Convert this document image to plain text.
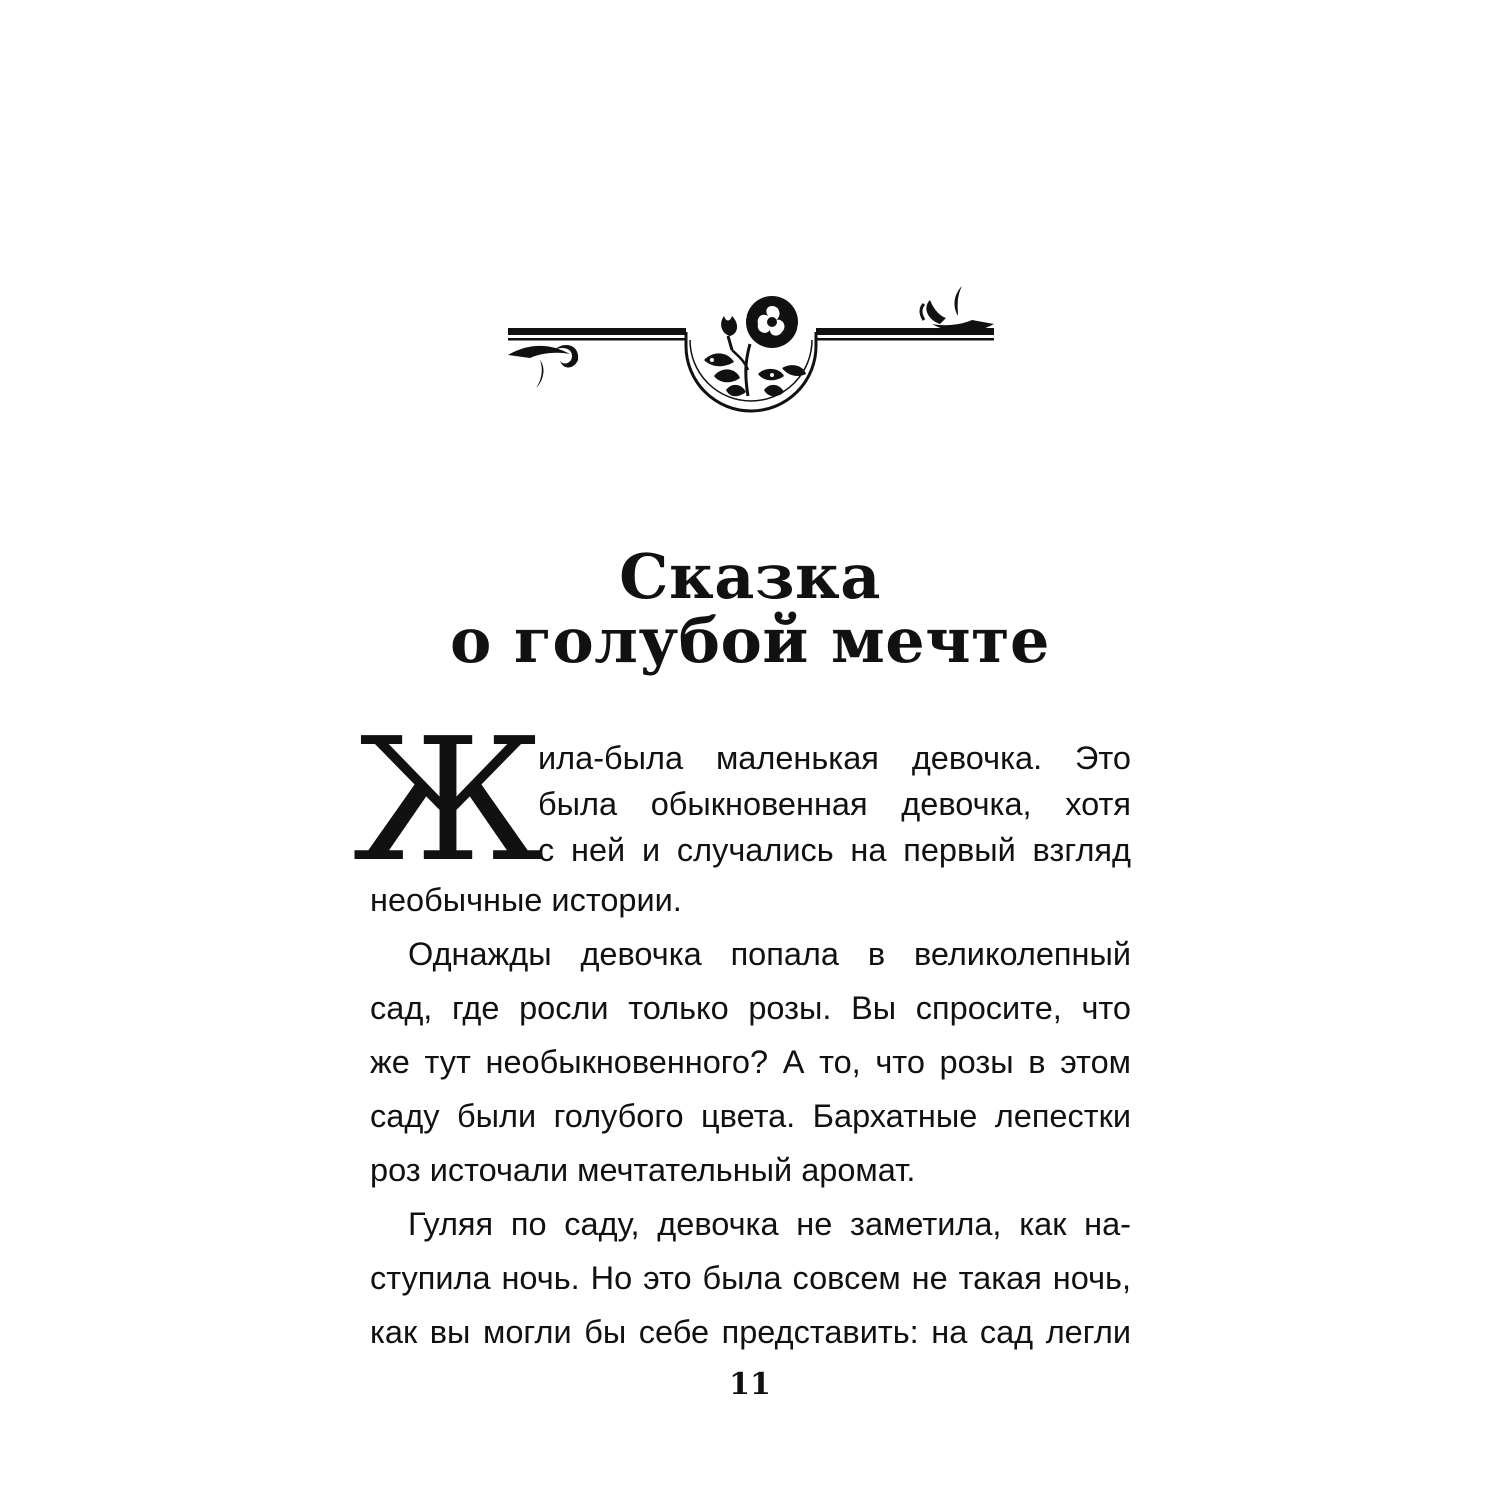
Сказка
о голубой мечте
Ж
ила-была маленькая девочка. Это
была обыкновенная девочка, хотя
с ней и случались на первый взгляд
необычные истории.
Однажды девочка попала в великолепный
сад, где росли только розы. Вы спросите, что
же тут необыкновенного? А то, что розы в этом
саду были голубого цвета. Бархатные лепестки
роз источали мечтательный аромат.
Гуляя по саду, девочка не заметила, как на-
ступила ночь. Но это была совсем не такая ночь,
как вы могли бы себе представить: на сад легли
11
